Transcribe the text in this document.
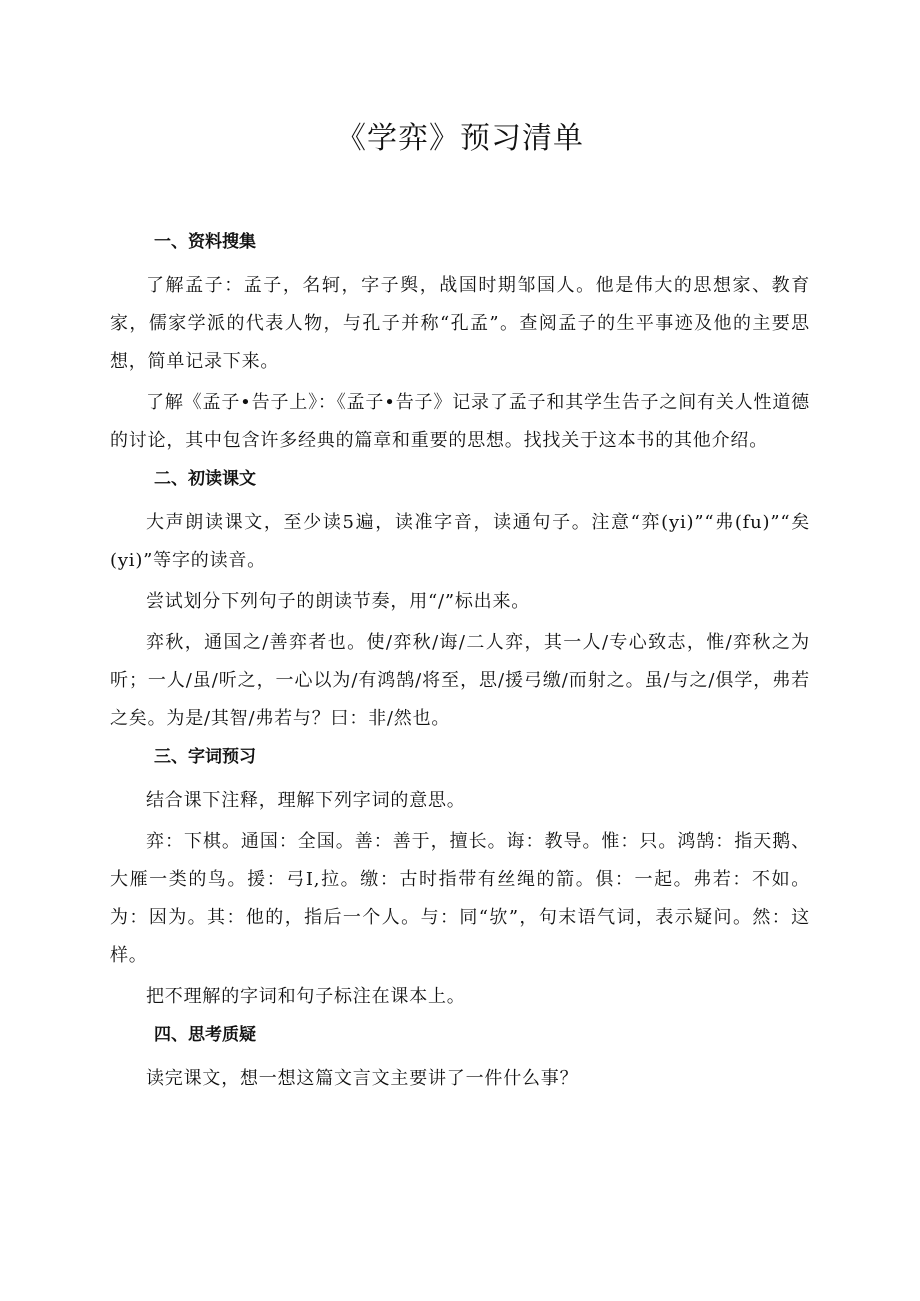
《学弈》预习清单
一、资料搜集

了解孟子：孟子，名轲，字子舆，战国时期邹国人。他是伟大的思想家、教育家，儒家学派的代表人物，与孔子并称“孔孟”。查阅孟子的生平事迹及他的主要思想，简单记录下来。

了解《孟子•告子上》：《孟子•告子》记录了孟子和其学生告子之间有关人性道德的讨论，其中包含许多经典的篇章和重要的思想。找找关于这本书的其他介绍。

二、初读课文

大声朗读课文，至少读5遍，读准字音，读通句子。注意“弈(yi)”“弗(fu)”“矣(yi)”等字的读音。

尝试划分下列句子的朗读节奏，用“/”标出来。

弈秋，通国之/善弈者也。使/弈秋/诲/二人弈，其一人/专心致志，惟/弈秋之为听；一人/虽/听之，一心以为/有鸿鹄/将至，思/援弓缴/而射之。虽/与之/俱学，弗若之矣。为是/其智/弗若与？曰：非/然也。

三、字词预习

结合课下注释，理解下列字词的意思。

弈：下棋。通国：全国。善：善于，擅长。诲：教导。惟：只。鸿鹄：指天鹅、大雁一类的鸟。援：弓I,拉。缴：古时指带有丝绳的箭。俱：一起。弗若：不如。为：因为。其：他的，指后一个人。与：同“欤”，句末语气词，表示疑问。然：这样。

把不理解的字词和句子标注在课本上。

四、思考质疑

读完课文，想一想这篇文言文主要讲了一件什么事？
